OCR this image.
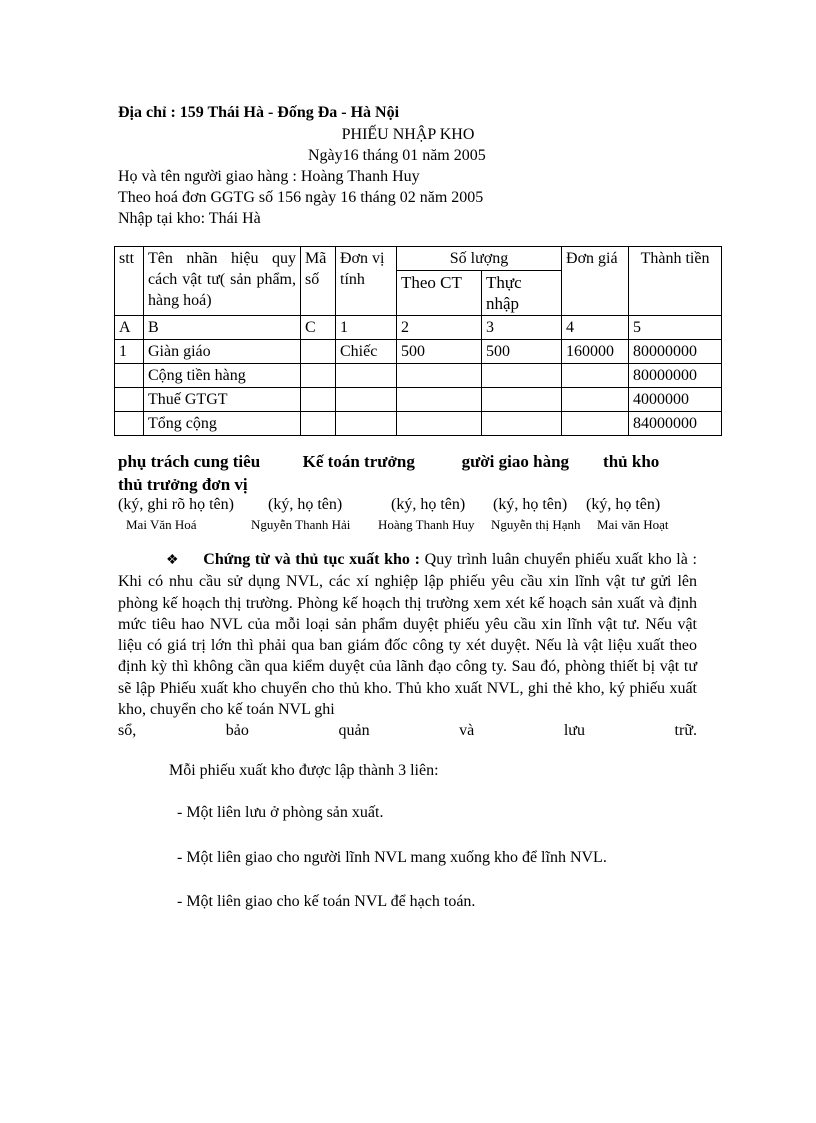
Địa chỉ : 159 Thái Hà - Đống Đa - Hà Nội
PHIẾU NHẬP KHO
Ngày16 tháng 01 năm 2005
Họ và tên người giao hàng : Hoàng Thanh Huy
Theo hoá đơn GGTG số 156 ngày 16 tháng 02 năm 2005
Nhập tại kho: Thái Hà
stt	Tên nhãn hiệu quy cách vật tư( sản phẩm, hàng hoá)	Mã số	Đơn vị tính	Số lượng		Đơn giá	Thành tiền
				Theo CT	Thực nhập		
A	B	C	1	2	3	4	5
1	Giàn giáo		Chiếc	500	500	160000	80000000
	Cộng tiền hàng						80000000
	Thuế GTGT						4000000
	Tổng cộng						84000000
phụ trách cung tiêu          Kế toán trưởng           gười giao hàng        thủ kho    thủ trưởng đơn vị
(ký, ghi rõ họ tên) (ký, họ tên)	(ký, họ tên) (ký, họ tên) (ký, họ tên)
Mai Văn Hoá	Nguyễn Thanh Hải Hoàng Thanh Huy Nguyễn thị Hạnh Mai văn Hoạt
❖ Chứng từ và thủ tục xuất kho : Quy trình luân chuyển phiếu xuất kho là : Khi có nhu cầu sử dụng NVL, các xí nghiệp lập phiếu yêu cầu xin lĩnh vật tư gửi lên phòng kế hoạch thị trường. Phòng kế hoạch thị trường xem xét kế hoạch sản xuất và định mức tiêu hao NVL của mỗi loại sản phẩm duyệt phiếu yêu cầu xin lĩnh vật tư. Nếu vật liệu có giá trị lớn thì phải qua ban giám đốc công ty xét duyệt. Nếu là vật liệu xuất theo định kỳ thì không cần qua kiểm duyệt của lãnh đạo công ty. Sau đó, phòng thiết bị vật tư sẽ lập Phiếu xuất kho chuyển cho thủ kho. Thủ kho xuất NVL, ghi thẻ kho, ký phiếu xuất kho, chuyển cho kế toán NVL ghi
sổ,                  bảo                  quản                  và                  lưu                  trữ.
Mỗi phiếu xuất kho được lập thành 3 liên:
- Một liên lưu ở phòng sản xuất.
- Một liên giao cho người lĩnh NVL mang xuống kho để lĩnh NVL.
- Một liên giao cho kế toán NVL để hạch toán.
